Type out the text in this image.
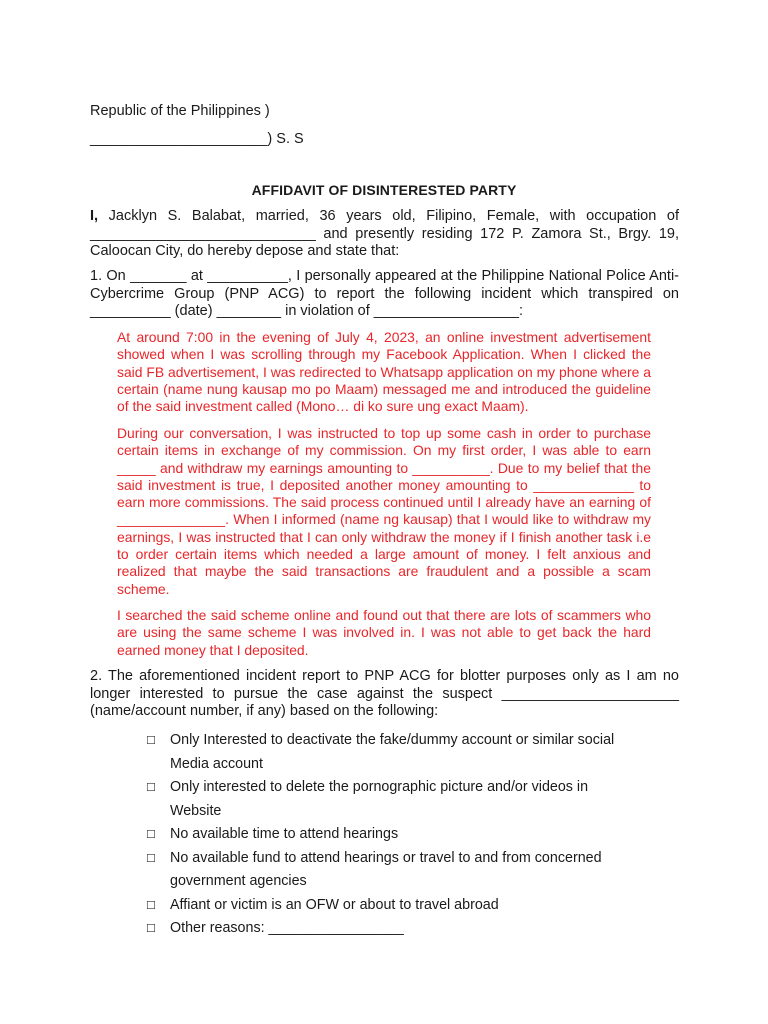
Republic of the Philippines )
______________________) S. S
AFFIDAVIT OF DISINTERESTED PARTY
I, Jacklyn S. Balabat, married, 36 years old, Filipino, Female, with occupation of ____________________________ and presently residing 172 P. Zamora St., Brgy. 19, Caloocan City, do hereby depose and state that:
1. On _______ at __________, I personally appeared at the Philippine National Police Anti-Cybercrime Group (PNP ACG) to report the following incident which transpired on __________ (date) ________ in violation of __________________:
At around 7:00 in the evening of July 4, 2023, an online investment advertisement showed when I was scrolling through my Facebook Application. When I clicked the said FB advertisement, I was redirected to Whatsapp application on my phone where a certain (name nung kausap mo po Maam) messaged me and introduced the guideline of the said investment called (Mono… di ko sure ung exact Maam).
During our conversation, I was instructed to top up some cash in order to purchase certain items in exchange of my commission. On my first order, I was able to earn _____ and withdraw my earnings amounting to __________. Due to my belief that the said investment is true, I deposited another money amounting to _____________ to earn more commissions. The said process continued until I already have an earning of ______________. When I informed (name ng kausap) that I would like to withdraw my earnings, I was instructed that I can only withdraw the money if I finish another task i.e to order certain items which needed a large amount of money. I felt anxious and realized that maybe the said transactions are fraudulent and a possible a scam scheme.
I searched the said scheme online and found out that there are lots of scammers who are using the same scheme I was involved in. I was not able to get back the hard earned money that I deposited.
2. The aforementioned incident report to PNP ACG for blotter purposes only as I am no longer interested to pursue the case against the suspect ______________________ (name/account number, if any) based on the following:
☐ Only Interested to deactivate the fake/dummy account or similar social Media account
☐ Only interested to delete the pornographic picture and/or videos in Website
☐ No available time to attend hearings
☐ No available fund to attend hearings or travel to and from concerned government agencies
☐ Affiant or victim is an OFW or about to travel abroad
☐ Other reasons: _________________
